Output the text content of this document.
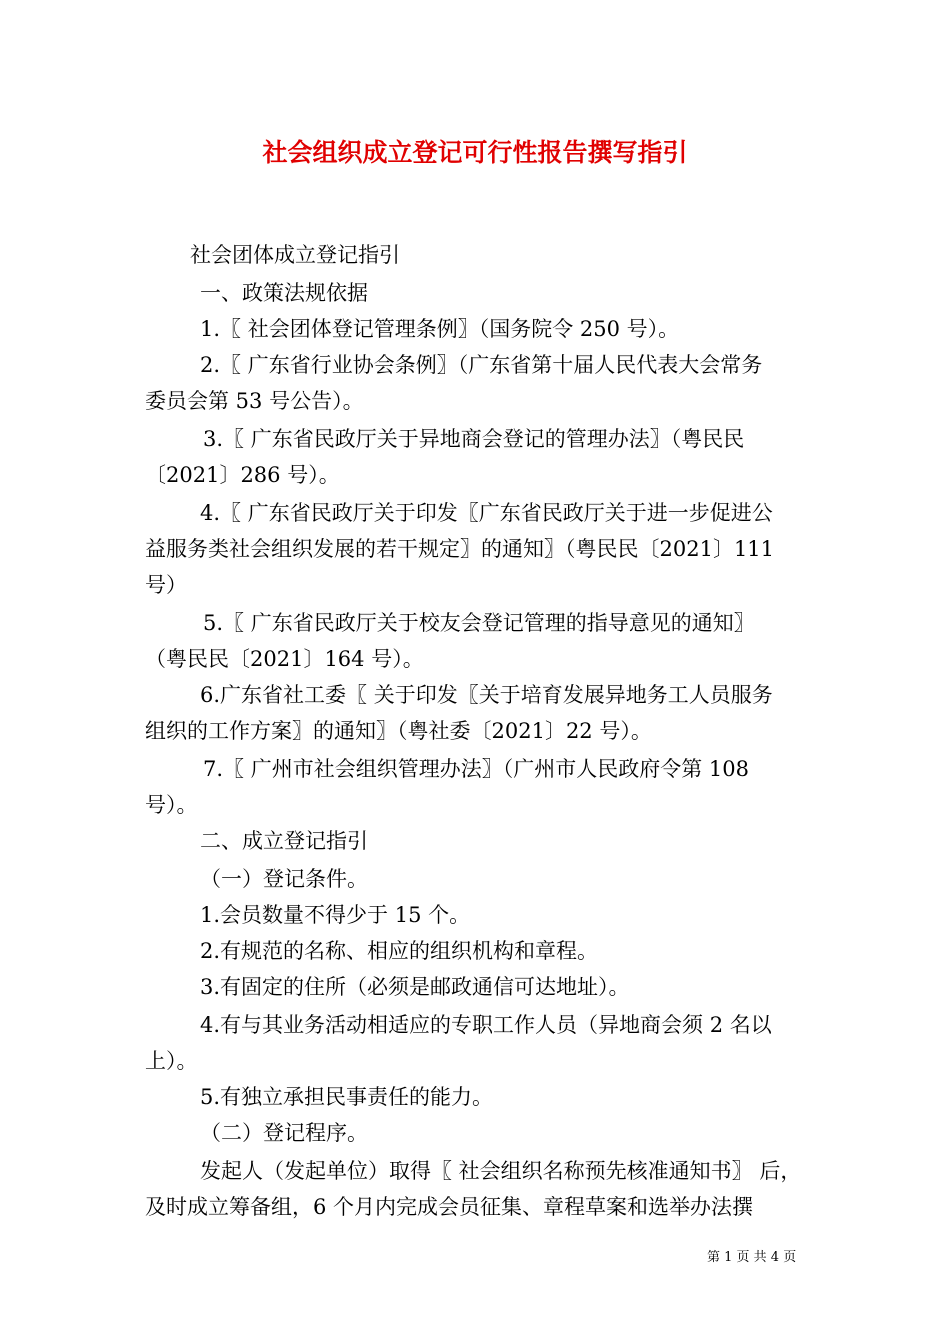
社会组织成立登记可行性报告撰写指引
社会团体成立登记指引
一、政策法规依据
1.〖 社会团体登记管理条例〗（国务院令 250 号）。
2.〖 广东省行业协会条例〗（广东省第十届人民代表大会常务
委员会第 53 号公告）。
3.〖 广东省民政厅关于异地商会登记的管理办法〗（粤民民
〔2021〕286 号）。
4.〖 广东省民政厅关于印发〖广东省民政厅关于进一步促进公
益服务类社会组织发展的若干规定〗的通知〗（粤民民〔2021〕111
号）
5.〖 广东省民政厅关于校友会登记管理的指导意见的通知〗
（粤民民〔2021〕164 号）。
6.广东省社工委〖 关于印发〖关于培育发展异地务工人员服务
组织的工作方案〗的通知〗（粤社委〔2021〕22 号）。
7.〖 广州市社会组织管理办法〗（广州市人民政府令第 108
号）。
二、成立登记指引
（一）登记条件。
1.会员数量不得少于 15 个。
2.有规范的名称、相应的组织机构和章程。
3.有固定的住所（必须是邮政通信可达地址）。
4.有与其业务活动相适应的专职工作人员（异地商会须 2 名以
上）。
5.有独立承担民事责任的能力。
（二）登记程序。
发起人（发起单位）取得〖 社会组织名称预先核准通知书〗 后，
及时成立筹备组，6 个月内完成会员征集、章程草案和选举办法撰
第 1 页 共 4 页
